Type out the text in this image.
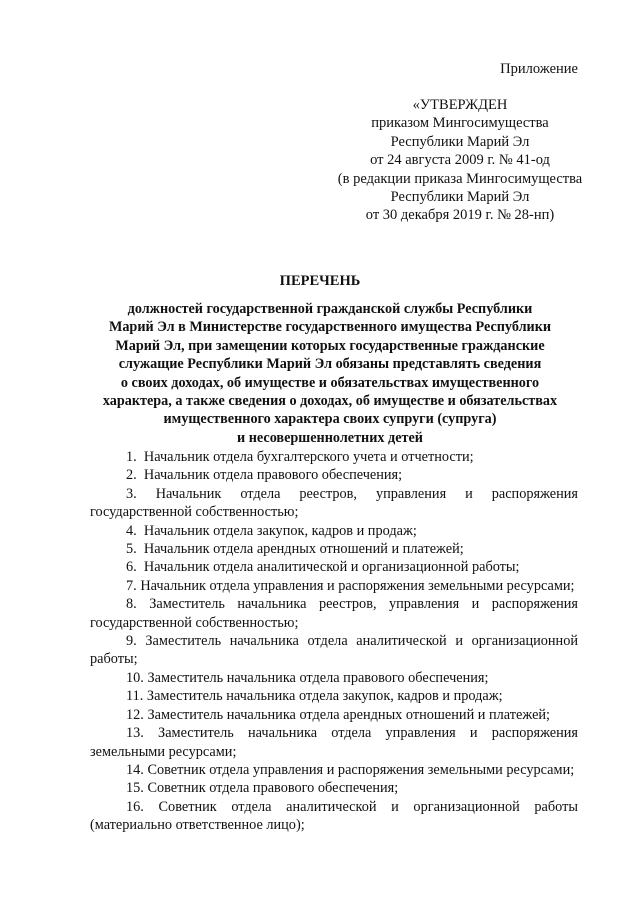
Приложение
«УТВЕРЖДЕН
приказом Мингосимущества
Республики Марий Эл
от 24 августа 2009 г. № 41-од
(в редакции приказа Мингосимущества
Республики Марий Эл
от 30 декабря 2019 г. № 28-нп)
ПЕРЕЧЕНЬ
должностей государственной гражданской службы Республики
Марий Эл в Министерстве государственного имущества Республики
Марий Эл, при замещении которых государственные гражданские
служащие Республики Марий Эл обязаны представлять сведения
о своих доходах, об имуществе и обязательствах имущественного
характера, а также сведения о доходах, об имуществе и обязательствах
имущественного характера своих супруги (супруга)
и несовершеннолетних детей

1. Начальник отдела бухгалтерского учета и отчетности;

2. Начальник отдела правового обеспечения;

3. Начальник отдела реестров, управления и распоряжения государственной собственностью;

4. Начальник отдела закупок, кадров и продаж;

5. Начальник отдела арендных отношений и платежей;

6. Начальник отдела аналитической и организационной работы;

7. Начальник отдела управления и распоряжения земельными ресурсами;

8. Заместитель начальника реестров, управления и распоряжения государственной собственностью;

9. Заместитель начальника отдела аналитической и организационной работы;

10. Заместитель начальника отдела правового обеспечения;

11. Заместитель начальника отдела закупок, кадров и продаж;

12. Заместитель начальника отдела арендных отношений и платежей;

13. Заместитель начальника отдела управления и распоряжения земельными ресурсами;

14. Советник отдела управления и распоряжения земельными ресурсами;

15. Советник отдела правового обеспечения;

16. Советник отдела аналитической и организационной работы (материально ответственное лицо);
